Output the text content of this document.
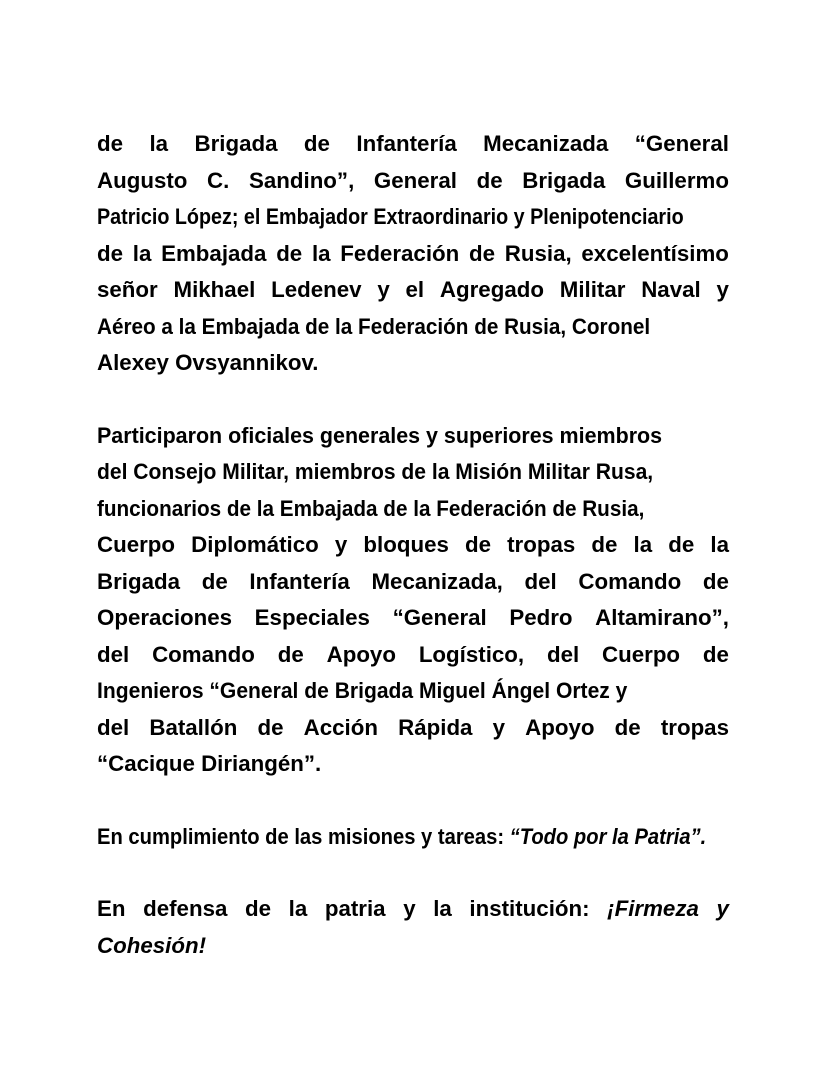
de la Brigada de Infantería Mecanizada “General
Augusto C. Sandino”, General de Brigada Guillermo
Patricio López; el Embajador Extraordinario y Plenipotenciario
de la Embajada de la Federación de Rusia, excelentísimo
señor Mikhael Ledenev y el Agregado Militar Naval y
Aéreo a la Embajada de la Federación de Rusia, Coronel
Alexey Ovsyannikov.

Participaron oficiales generales y superiores miembros
del Consejo Militar, miembros de la Misión Militar Rusa,
funcionarios de la Embajada de la Federación de Rusia,
Cuerpo Diplomático y bloques de tropas de la de la
Brigada de Infantería Mecanizada, del Comando de
Operaciones Especiales “General Pedro Altamirano”,
del Comando de Apoyo Logístico, del Cuerpo de
Ingenieros “General de Brigada Miguel Ángel Ortez y
del Batallón de Acción Rápida y Apoyo de tropas
“Cacique Diriangén”.

En cumplimiento de las misiones y tareas: “Todo por la Patria”.

En defensa de la patria y la institución: ¡Firmeza y
Cohesión!
